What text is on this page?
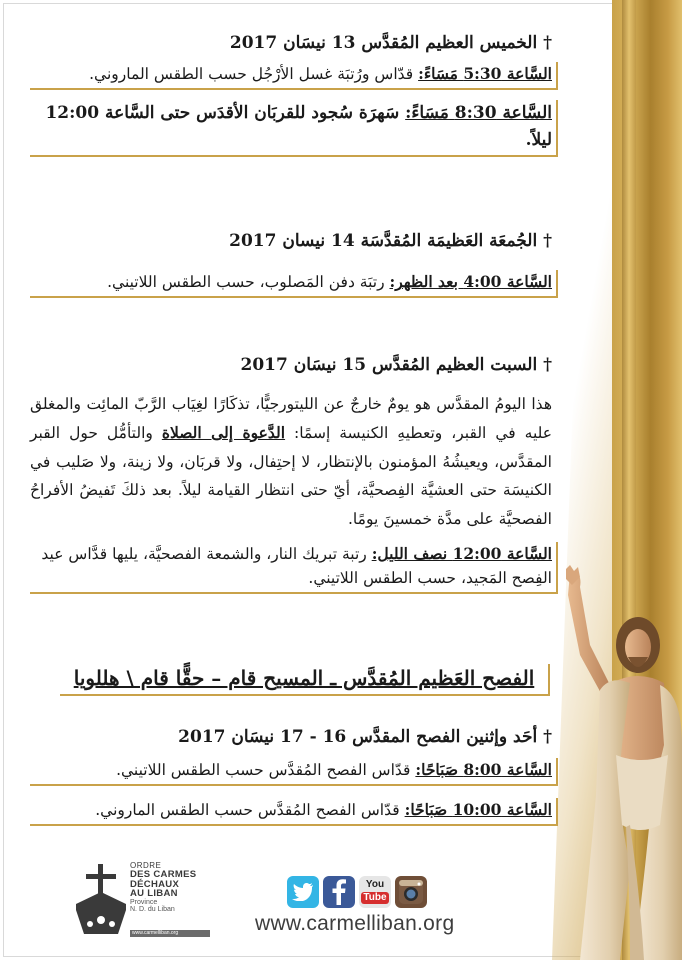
† الخميس العظيم المُقدَّس 13 نيسَان 2017

السَّاعة 5:30 مَسَاءً: قدّاس ورُتبَة غسل الأرْجُل حسب الطقس الماروني.

السَّاعة 8:30 مَسَاءً: سَهرَة سُجود للقربَان الأقدَس حتى السَّاعة 12:00 ليلاً.

† الجُمعَة العَظيمَة المُقدَّسَة 14 نيسان 2017

السَّاعة 4:00 بعد الظهر: رتبَة دفن المَصلوب، حسب الطقس اللاتيني.

† السبت العظيم المُقدَّس 15 نيسَان 2017
هذا اليومُ المقدَّس هو يومٌ خارجٌ عن الليتورجيًّا، تذكَارًا لغِيَاب الرَّبّ المائِت والمغلق عليه في القبر، وتعطيهِ الكنيسة إسمًا: الدَّعوة إلى الصلاة والتأمُّل حول القبر المقدَّس، ويعيشُهُ المؤمنون بالإنتظار، لا إحتِفال، ولا قربَان، ولا زينة، ولا صَليب في الكنيسَة حتى العشيَّة الفِصحيَّة، أيّ حتى انتظار القيامة ليلاً. بعد ذلكَ تَفيضُ الأفراحُ الفصحيَّة على مدَّة خمسينَ يومًا.

السَّاعة 12:00 نصف الليل: رتبة تبريك النار، والشمعة الفصحيَّة، يليها قدَّاس عيد الفِصح المَجيد، حسب الطقس اللاتيني.

† أحَد وإثنين الفصح المقدَّس 16 - 17 نيسَان 2017

السَّاعة 8:00 صَبَاحًا: قدّاس الفصح المُقدَّس حسب الطقس اللاتيني.

السَّاعة 10:00 صَبَاحًا: قدّاس الفصح المُقدَّس حسب الطقس الماروني.

الفصح العَظيم المُقدَّس ـ المسيح قام – حقًّا قام \ هللويا
ORDRE
DES CARMES
DÉCHAUX
AU LIBAN
Province
N. D. du Liban
www.carmelliban.org
You
Tube
www.carmelliban.org
